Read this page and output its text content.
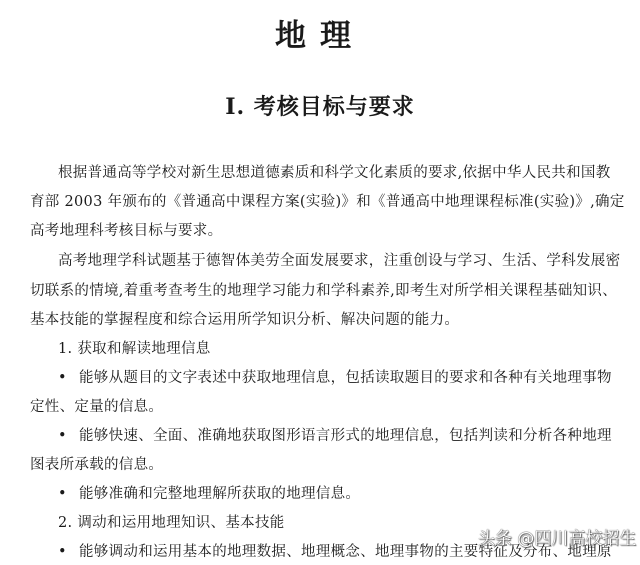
地理
Ⅰ. 考核目标与要求
根据普通高等学校对新生思想道德素质和科学文化素质的要求,依据中华人民共和国教
育部 2003 年颁布的《普通高中课程方案(实验)》和《普通高中地理课程标准(实验)》,确定
高考地理科考核目标与要求。
高考地理学科试题基于德智体美劳全面发展要求，注重创设与学习、生活、学科发展密
切联系的情境,着重考查考生的地理学习能力和学科素养,即考生对所学相关课程基础知识、
基本技能的掌握程度和综合运用所学知识分析、解决问题的能力。
1. 获取和解读地理信息
• 能够从题目的文字表述中获取地理信息，包括读取题目的要求和各种有关地理事物
定性、定量的信息。
• 能够快速、全面、准确地获取图形语言形式的地理信息，包括判读和分析各种地理
图表所承载的信息。
• 能够准确和完整地理解所获取的地理信息。
2. 调动和运用地理知识、基本技能
• 能够调动和运用基本的地理数据、地理概念、地理事物的主要特征及分布、地理原
头条 @四川高校招生
